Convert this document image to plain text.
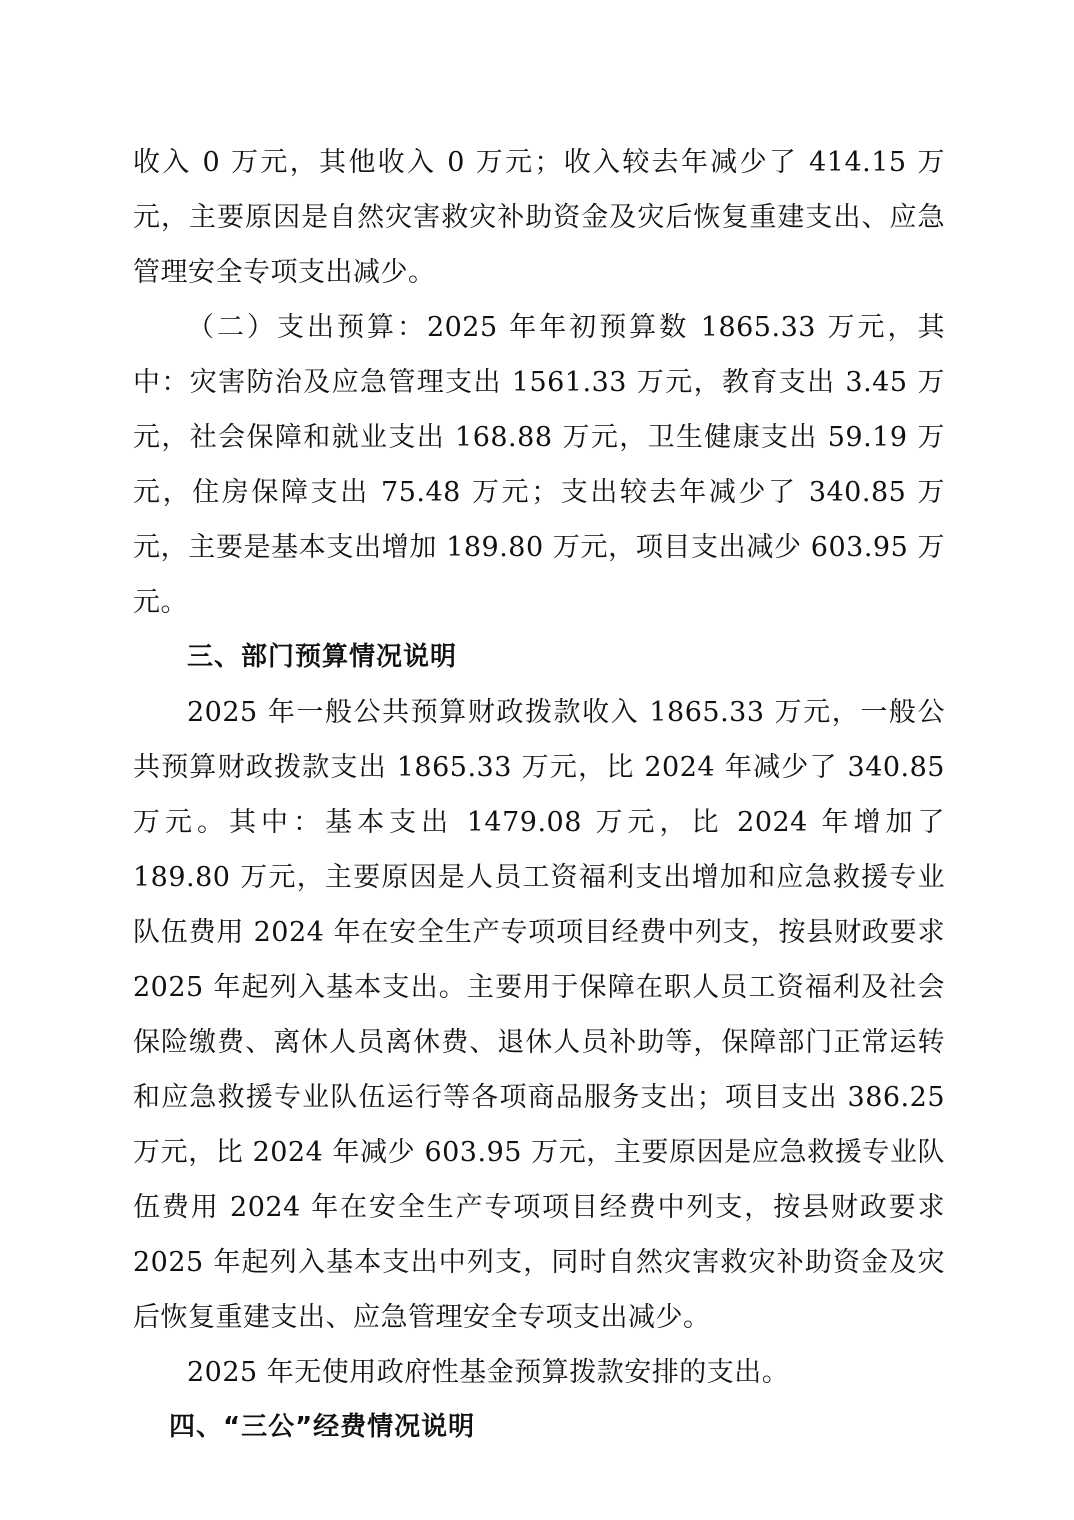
收入 0 万元，其他收入 0 万元；收入较去年减少了 414.15 万元，主要原因是自然灾害救灾补助资金及灾后恢复重建支出、应急管理安全专项支出减少。

（二）支出预算：2025 年年初预算数 1865.33 万元，其中：灾害防治及应急管理支出 1561.33 万元，教育支出 3.45 万元，社会保障和就业支出 168.88 万元，卫生健康支出 59.19 万元，住房保障支出 75.48 万元；支出较去年减少了 340.85 万元，主要是基本支出增加 189.80 万元，项目支出减少 603.95 万元。

三、部门预算情况说明

2025 年一般公共预算财政拨款收入 1865.33 万元，一般公共预算财政拨款支出 1865.33 万元，比 2024 年减少了 340.85 万元。其中：基本支出 1479.08 万元，比 2024 年增加了 189.80 万元，主要原因是人员工资福利支出增加和应急救援专业队伍费用 2024 年在安全生产专项项目经费中列支，按县财政要求 2025 年起列入基本支出。主要用于保障在职人员工资福利及社会保险缴费、离休人员离休费、退休人员补助等，保障部门正常运转和应急救援专业队伍运行等各项商品服务支出；项目支出 386.25 万元，比 2024 年减少 603.95 万元，主要原因是应急救援专业队伍费用 2024 年在安全生产专项项目经费中列支，按县财政要求 2025 年起列入基本支出中列支，同时自然灾害救灾补助资金及灾后恢复重建支出、应急管理安全专项支出减少。

2025 年无使用政府性基金预算拨款安排的支出。

四、“三公”经费情况说明
